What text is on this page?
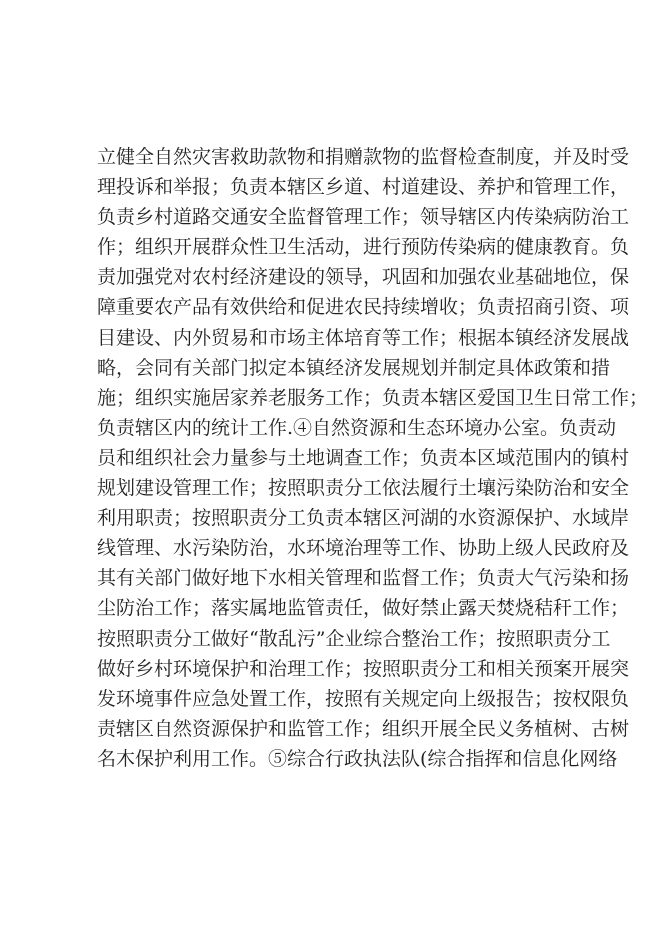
立健全自然灾害救助款物和捐赠款物的监督检查制度，并及时受
理投诉和举报；负责本辖区乡道、村道建设、养护和管理工作，
负责乡村道路交通安全监督管理工作；领导辖区内传染病防治工
作；组织开展群众性卫生活动，进行预防传染病的健康教育。负
责加强党对农村经济建设的领导，巩固和加强农业基础地位，保
障重要农产品有效供给和促进农民持续增收；负责招商引资、项
目建设、内外贸易和市场主体培育等工作；根据本镇经济发展战
略，会同有关部门拟定本镇经济发展规划并制定具体政策和措
施；组织实施居家养老服务工作；负责本辖区爱国卫生日常工作；
负责辖区内的统计工作.④自然资源和生态环境办公室。负责动
员和组织社会力量参与土地调查工作；负责本区域范围内的镇村
规划建设管理工作；按照职责分工依法履行土壤污染防治和安全
利用职责；按照职责分工负责本辖区河湖的水资源保护、水域岸
线管理、水污染防治，水环境治理等工作、协助上级人民政府及
其有关部门做好地下水相关管理和监督工作；负责大气污染和扬
尘防治工作；落实属地监管责任，做好禁止露天焚烧秸秆工作；
按照职责分工做好“散乱污”企业综合整治工作；按照职责分工
做好乡村环境保护和治理工作；按照职责分工和相关预案开展突
发环境事件应急处置工作，按照有关规定向上级报告；按权限负
责辖区自然资源保护和监管工作；组织开展全民义务植树、古树
名木保护利用工作。⑤综合行政执法队(综合指挥和信息化网络
